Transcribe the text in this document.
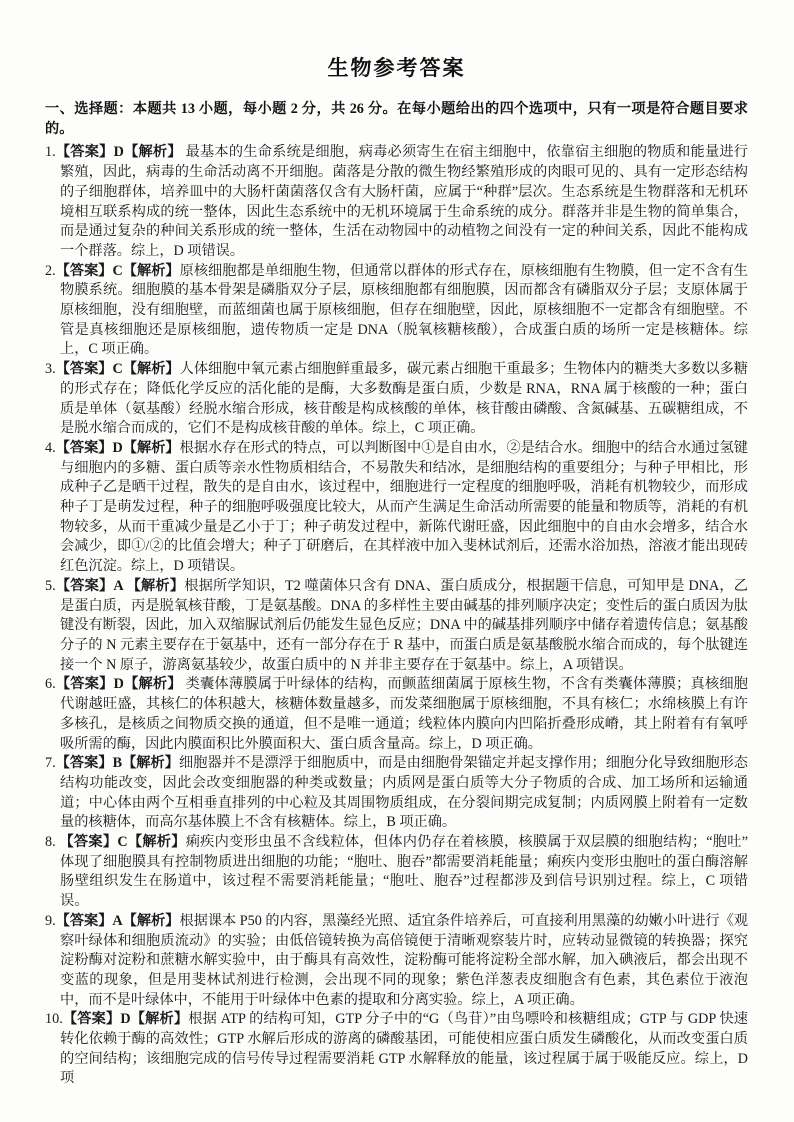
生物参考答案

一、选择题：本题共 13 小题，每小题 2 分，共 26 分。在每小题给出的四个选项中，只有一项是符合题目要求的。

1.【答案】D【解析】 最基本的生命系统是细胞，病毒必须寄生在宿主细胞中，依靠宿主细胞的物质和能量进行繁殖，因此，病毒的生命活动离不开细胞。菌落是分散的微生物经繁殖形成的肉眼可见的、具有一定形态结构的子细胞群体，培养皿中的大肠杆菌菌落仅含有大肠杆菌，应属于“种群”层次。生态系统是生物群落和无机环境相互联系构成的统一整体，因此生态系统中的无机环境属于生命系统的成分。群落并非是生物的简单集合，而是通过复杂的种间关系形成的统一整体，生活在动物园中的动植物之间没有一定的种间关系，因此不能构成一个群落。综上，D 项错误。
2.【答案】C【解析】原核细胞都是单细胞生物，但通常以群体的形式存在，原核细胞有生物膜，但一定不含有生物膜系统。细胞膜的基本骨架是磷脂双分子层，原核细胞都有细胞膜，因而都含有磷脂双分子层；支原体属于原核细胞，没有细胞壁，而蓝细菌也属于原核细胞，但存在细胞壁，因此，原核细胞不一定都含有细胞壁。不管是真核细胞还是原核细胞，遗传物质一定是 DNA（脱氧核糖核酸），合成蛋白质的场所一定是核糖体。综上，C 项正确。
3.【答案】C【解析】人体细胞中氧元素占细胞鲜重最多，碳元素占细胞干重最多；生物体内的糖类大多数以多糖的形式存在；降低化学反应的活化能的是酶，大多数酶是蛋白质，少数是 RNA，RNA 属于核酸的一种；蛋白质是单体（氨基酸）经脱水缩合形成，核苷酸是构成核酸的单体，核苷酸由磷酸、含氮碱基、五碳糖组成，不是脱水缩合而成的，它们不是构成核苷酸的单体。综上，C 项正确。
4.【答案】D【解析】根据水存在形式的特点，可以判断图中①是自由水，②是结合水。细胞中的结合水通过氢键与细胞内的多糖、蛋白质等亲水性物质相结合，不易散失和结冰，是细胞结构的重要组分；与种子甲相比，形成种子乙是晒干过程，散失的是自由水，该过程中，细胞进行一定程度的细胞呼吸，消耗有机物较少，而形成种子丁是萌发过程，种子的细胞呼吸强度比较大，从而产生满足生命活动所需要的能量和物质等，消耗的有机物较多，从而干重减少量是乙小于丁；种子萌发过程中，新陈代谢旺盛，因此细胞中的自由水会增多，结合水会减少，即①/②的比值会增大；种子丁研磨后，在其样液中加入斐林试剂后，还需水浴加热，溶液才能出现砖红色沉淀。综上，D 项错误。
5.【答案】A 【解析】根据所学知识，T2 噬菌体只含有 DNA、蛋白质成分，根据题干信息，可知甲是 DNA，乙是蛋白质，丙是脱氧核苷酸，丁是氨基酸。DNA 的多样性主要由碱基的排列顺序决定；变性后的蛋白质因为肽键没有断裂，因此，加入双缩脲试剂后仍能发生显色反应；DNA 中的碱基排列顺序中储存着遗传信息；氨基酸分子的 N 元素主要存在于氨基中，还有一部分存在于 R 基中，而蛋白质是氨基酸脱水缩合而成的，每个肽键连接一个 N 原子，游离氨基较少，故蛋白质中的 N 并非主要存在于氨基中。综上，A 项错误。
6.【答案】D【解析】 类囊体薄膜属于叶绿体的结构，而颤蓝细菌属于原核生物，不含有类囊体薄膜；真核细胞代谢越旺盛，其核仁的体积越大，核糖体数量越多，而发菜细胞属于原核细胞，不具有核仁；水绵核膜上有许多核孔，是核质之间物质交换的通道，但不是唯一通道；线粒体内膜向内凹陷折叠形成嵴，其上附着有有氧呼吸所需的酶，因此内膜面积比外膜面积大、蛋白质含量高。综上，D 项正确。
7.【答案】B【解析】细胞器并不是漂浮于细胞质中，而是由细胞骨架锚定并起支撑作用；细胞分化导致细胞形态结构功能改变，因此会改变细胞器的种类或数量；内质网是蛋白质等大分子物质的合成、加工场所和运输通道；中心体由两个互相垂直排列的中心粒及其周围物质组成，在分裂间期完成复制；内质网膜上附着有一定数量的核糖体，而高尔基体膜上不含有核糖体。综上，B 项正确。
8. 【答案】C【解析】痢疾内变形虫虽不含线粒体，但体内仍存在着核膜，核膜属于双层膜的细胞结构；“胞吐”体现了细胞膜具有控制物质进出细胞的功能；“胞吐、胞吞”都需要消耗能量；痢疾内变形虫胞吐的蛋白酶溶解肠壁组织发生在肠道中，该过程不需要消耗能量；“胞吐、胞吞”过程都涉及到信号识别过程。综上，C 项错误。
9.【答案】A【解析】根据课本 P50 的内容，黑藻经光照、适宜条件培养后，可直接利用黑藻的幼嫩小叶进行《观察叶绿体和细胞质流动》的实验；由低倍镜转换为高倍镜便于清晰观察装片时，应转动显微镜的转换器；探究淀粉酶对淀粉和蔗糖水解实验中，由于酶具有高效性，淀粉酶可能将淀粉全部水解，加入碘液后，都会出现不变蓝的现象，但是用斐林试剂进行检测，会出现不同的现象；紫色洋葱表皮细胞含有色素，其色素位于液泡中，而不是叶绿体中，不能用于叶绿体中色素的提取和分离实验。综上，A 项正确。
10.【答案】D【解析】根据 ATP 的结构可知，GTP 分子中的“G（鸟苷）”由鸟嘌呤和核糖组成；GTP 与 GDP 快速转化依赖于酶的高效性；GTP 水解后形成的游离的磷酸基团，可能使相应蛋白质发生磷酸化，从而改变蛋白质的空间结构；该细胞完成的信号传导过程需要消耗 GTP 水解释放的能量，该过程属于属于吸能反应。综上，D 项
